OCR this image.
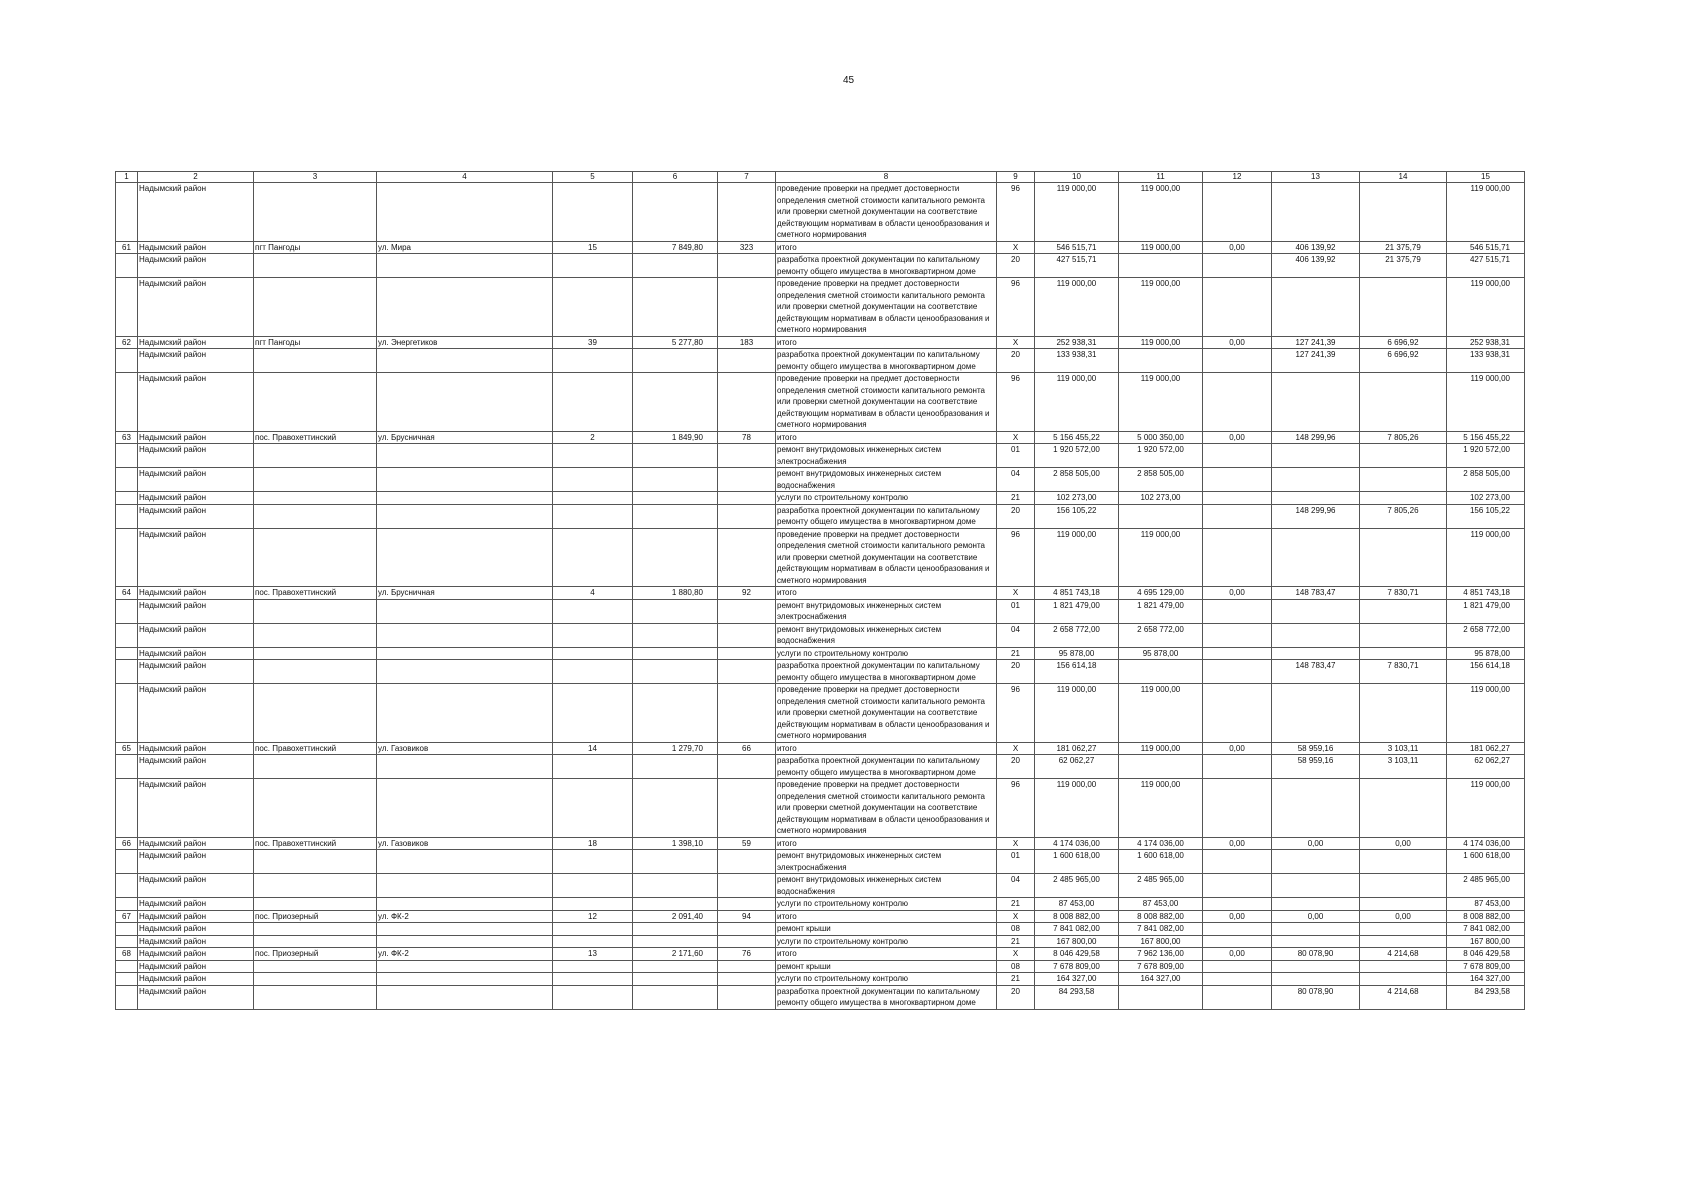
45
1	2	3	4	5	6	7	8	9	10	11	12	13	14	15
	Надымский район						проведение проверки на предмет достоверности определения сметной стоимости капитального ремонта или проверки сметной документации на соответствие действующим нормативам в области ценообразования и сметного нормирования	96	119 000,00	119 000,00				119 000,00
61	Надымский район	пгт Пангоды	ул. Мира	15	7 849,80	323	итого	X	546 515,71	119 000,00	0,00	406 139,92	21 375,79	546 515,71
	Надымский район						разработка проектной документации по капитальному ремонту общего имущества в многоквартирном доме	20	427 515,71			406 139,92	21 375,79	427 515,71
	Надымский район						проведение проверки на предмет достоверности определения сметной стоимости капитального ремонта или проверки сметной документации на соответствие действующим нормативам в области ценообразования и сметного нормирования	96	119 000,00	119 000,00				119 000,00
62	Надымский район	пгт Пангоды	ул. Энергетиков	39	5 277,80	183	итого	X	252 938,31	119 000,00	0,00	127 241,39	6 696,92	252 938,31
	Надымский район						разработка проектной документации по капитальному ремонту общего имущества в многоквартирном доме	20	133 938,31			127 241,39	6 696,92	133 938,31
	Надымский район						проведение проверки на предмет достоверности определения сметной стоимости капитального ремонта или проверки сметной документации на соответствие действующим нормативам в области ценообразования и сметного нормирования	96	119 000,00	119 000,00				119 000,00
63	Надымский район	пос. Правохеттинский	ул. Брусничная	2	1 849,90	78	итого	X	5 156 455,22	5 000 350,00	0,00	148 299,96	7 805,26	5 156 455,22
	Надымский район						ремонт внутридомовых инженерных систем электроснабжения	01	1 920 572,00	1 920 572,00				1 920 572,00
	Надымский район						ремонт внутридомовых инженерных систем водоснабжения	04	2 858 505,00	2 858 505,00				2 858 505,00
	Надымский район						услуги по строительному контролю	21	102 273,00	102 273,00				102 273,00
	Надымский район						разработка проектной документации по капитальному ремонту общего имущества в многоквартирном доме	20	156 105,22			148 299,96	7 805,26	156 105,22
	Надымский район						проведение проверки на предмет достоверности определения сметной стоимости капитального ремонта или проверки сметной документации на соответствие действующим нормативам в области ценообразования и сметного нормирования	96	119 000,00	119 000,00				119 000,00
64	Надымский район	пос. Правохеттинский	ул. Брусничная	4	1 880,80	92	итого	X	4 851 743,18	4 695 129,00	0,00	148 783,47	7 830,71	4 851 743,18
	Надымский район						ремонт внутридомовых инженерных систем электроснабжения	01	1 821 479,00	1 821 479,00				1 821 479,00
	Надымский район						ремонт внутридомовых инженерных систем водоснабжения	04	2 658 772,00	2 658 772,00				2 658 772,00
	Надымский район						услуги по строительному контролю	21	95 878,00	95 878,00				95 878,00
	Надымский район						разработка проектной документации по капитальному ремонту общего имущества в многоквартирном доме	20	156 614,18			148 783,47	7 830,71	156 614,18
	Надымский район						проведение проверки на предмет достоверности определения сметной стоимости капитального ремонта или проверки сметной документации на соответствие действующим нормативам в области ценообразования и сметного нормирования	96	119 000,00	119 000,00				119 000,00
65	Надымский район	пос. Правохеттинский	ул. Газовиков	14	1 279,70	66	итого	X	181 062,27	119 000,00	0,00	58 959,16	3 103,11	181 062,27
	Надымский район						разработка проектной документации по капитальному ремонту общего имущества в многоквартирном доме	20	62 062,27			58 959,16	3 103,11	62 062,27
	Надымский район						проведение проверки на предмет достоверности определения сметной стоимости капитального ремонта или проверки сметной документации на соответствие действующим нормативам в области ценообразования и сметного нормирования	96	119 000,00	119 000,00				119 000,00
66	Надымский район	пос. Правохеттинский	ул. Газовиков	18	1 398,10	59	итого	X	4 174 036,00	4 174 036,00	0,00	0,00	0,00	4 174 036,00
	Надымский район						ремонт внутридомовых инженерных систем электроснабжения	01	1 600 618,00	1 600 618,00				1 600 618,00
	Надымский район						ремонт внутридомовых инженерных систем водоснабжения	04	2 485 965,00	2 485 965,00				2 485 965,00
	Надымский район						услуги по строительному контролю	21	87 453,00	87 453,00				87 453,00
67	Надымский район	пос. Приозерный	ул. ФК-2	12	2 091,40	94	итого	X	8 008 882,00	8 008 882,00	0,00	0,00	0,00	8 008 882,00
	Надымский район						ремонт крыши	08	7 841 082,00	7 841 082,00				7 841 082,00
	Надымский район						услуги по строительному контролю	21	167 800,00	167 800,00				167 800,00
68	Надымский район	пос. Приозерный	ул. ФК-2	13	2 171,60	76	итого	X	8 046 429,58	7 962 136,00	0,00	80 078,90	4 214,68	8 046 429,58
	Надымский район						ремонт крыши	08	7 678 809,00	7 678 809,00				7 678 809,00
	Надымский район						услуги по строительному контролю	21	164 327,00	164 327,00				164 327,00
	Надымский район						разработка проектной документации по капитальному ремонту общего имущества в многоквартирном доме	20	84 293,58			80 078,90	4 214,68	84 293,58
